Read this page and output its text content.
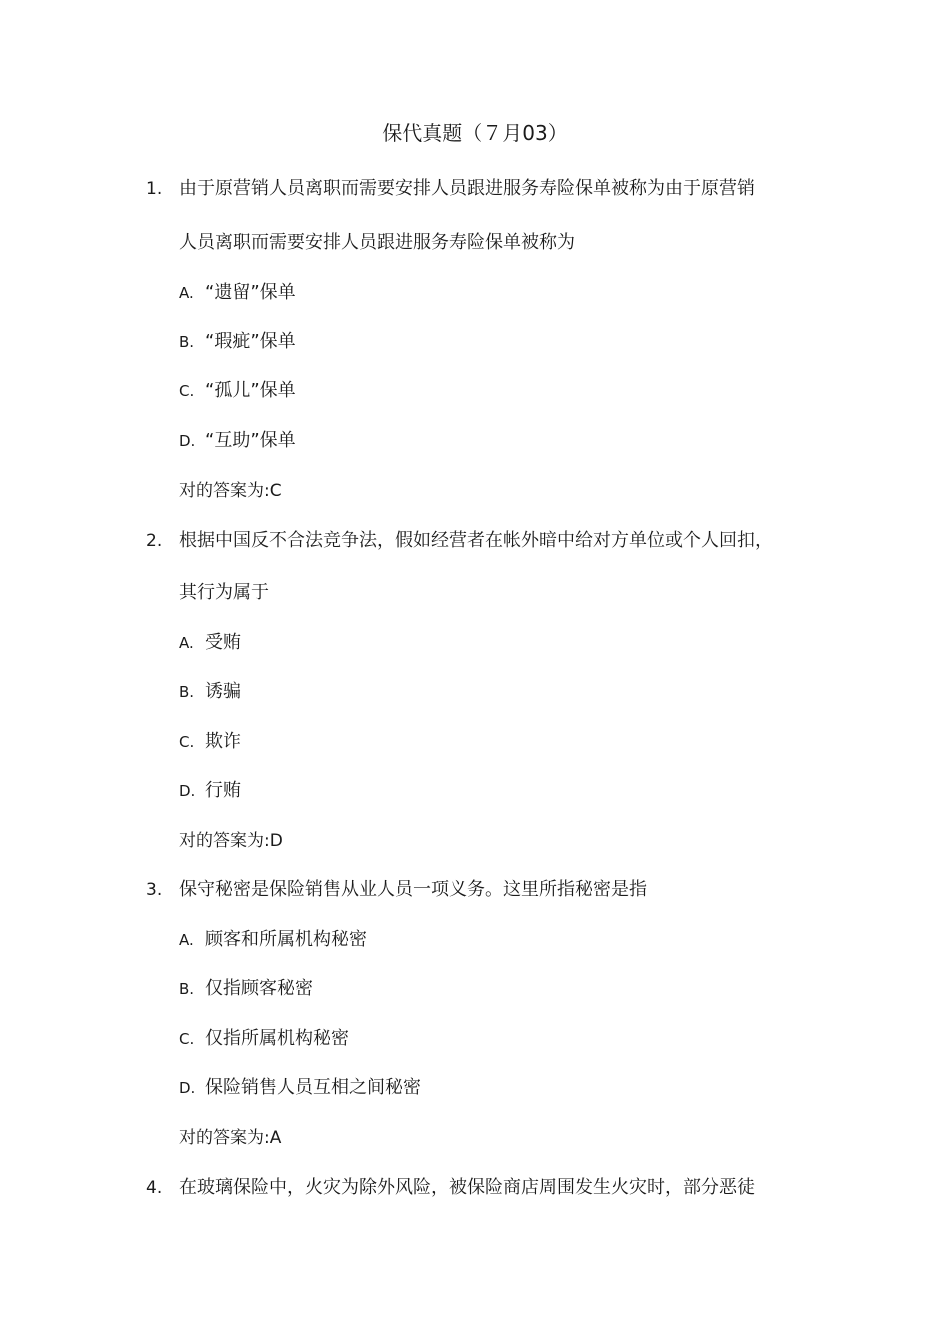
保代真题（７月03）
1. 由于原营销人员离职而需要安排人员跟进服务寿险保单被称为由于原营销
人员离职而需要安排人员跟进服务寿险保单被称为
A. “遗留”保单
B. “瑕疵”保单
C. “孤儿”保单
D. “互助”保单
对的答案为:C
2. 根据中国反不合法竞争法，假如经营者在帐外暗中给对方单位或个人回扣，
其行为属于
A. 受贿
B. 诱骗
C. 欺诈
D. 行贿
对的答案为:D
3. 保守秘密是保险销售从业人员一项义务。这里所指秘密是指
A. 顾客和所属机构秘密
B. 仅指顾客秘密
C. 仅指所属机构秘密
D. 保险销售人员互相之间秘密
对的答案为:A
4. 在玻璃保险中，火灾为除外风险，被保险商店周围发生火灾时，部分恶徒
